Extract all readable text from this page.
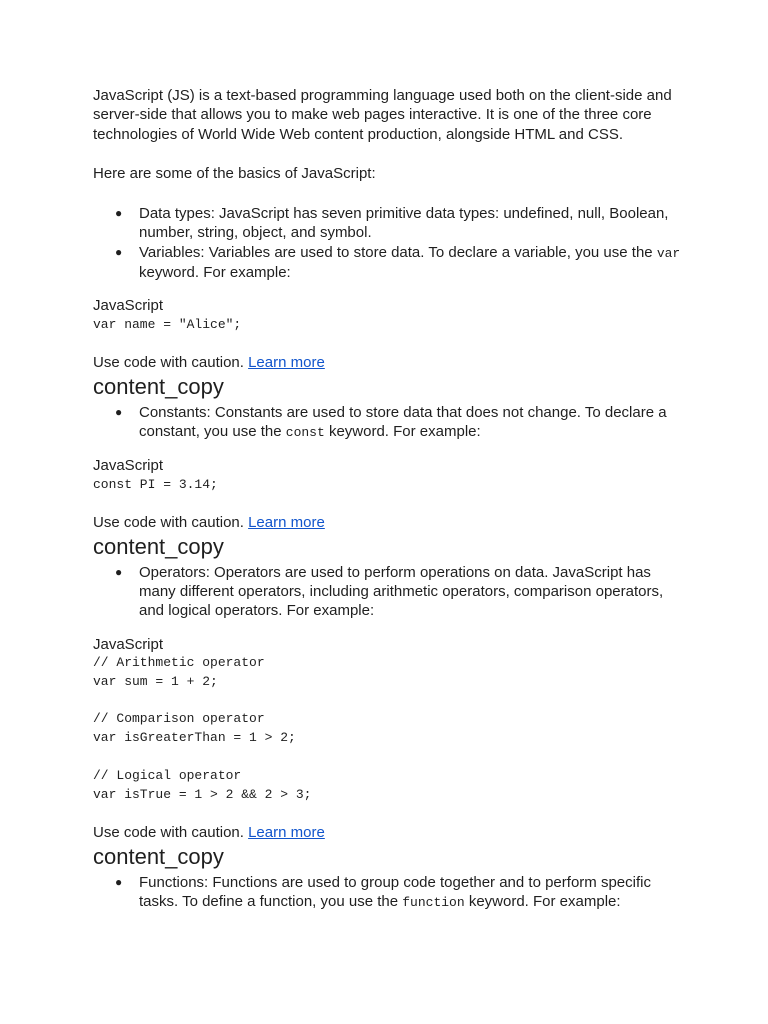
JavaScript (JS) is a text-based programming language used both on the client-side and server-side that allows you to make web pages interactive. It is one of the three core technologies of World Wide Web content production, alongside HTML and CSS.

Here are some of the basics of JavaScript:

● Data types: JavaScript has seven primitive data types: undefined, null, Boolean, number, string, object, and symbol.
● Variables: Variables are used to store data. To declare a variable, you use the var keyword. For example:

JavaScript

var name = "Alice";

Use code with caution. Learn more

content_copy

● Constants: Constants are used to store data that does not change. To declare a constant, you use the const keyword. For example:

JavaScript

const PI = 3.14;

Use code with caution. Learn more

content_copy

● Operators: Operators are used to perform operations on data. JavaScript has many different operators, including arithmetic operators, comparison operators, and logical operators. For example:

JavaScript

// Arithmetic operator
var sum = 1 + 2;

// Comparison operator
var isGreaterThan = 1 > 2;

// Logical operator
var isTrue = 1 > 2 && 2 > 3;

Use code with caution. Learn more

content_copy

● Functions: Functions are used to group code together and to perform specific tasks. To define a function, you use the function keyword. For example:
